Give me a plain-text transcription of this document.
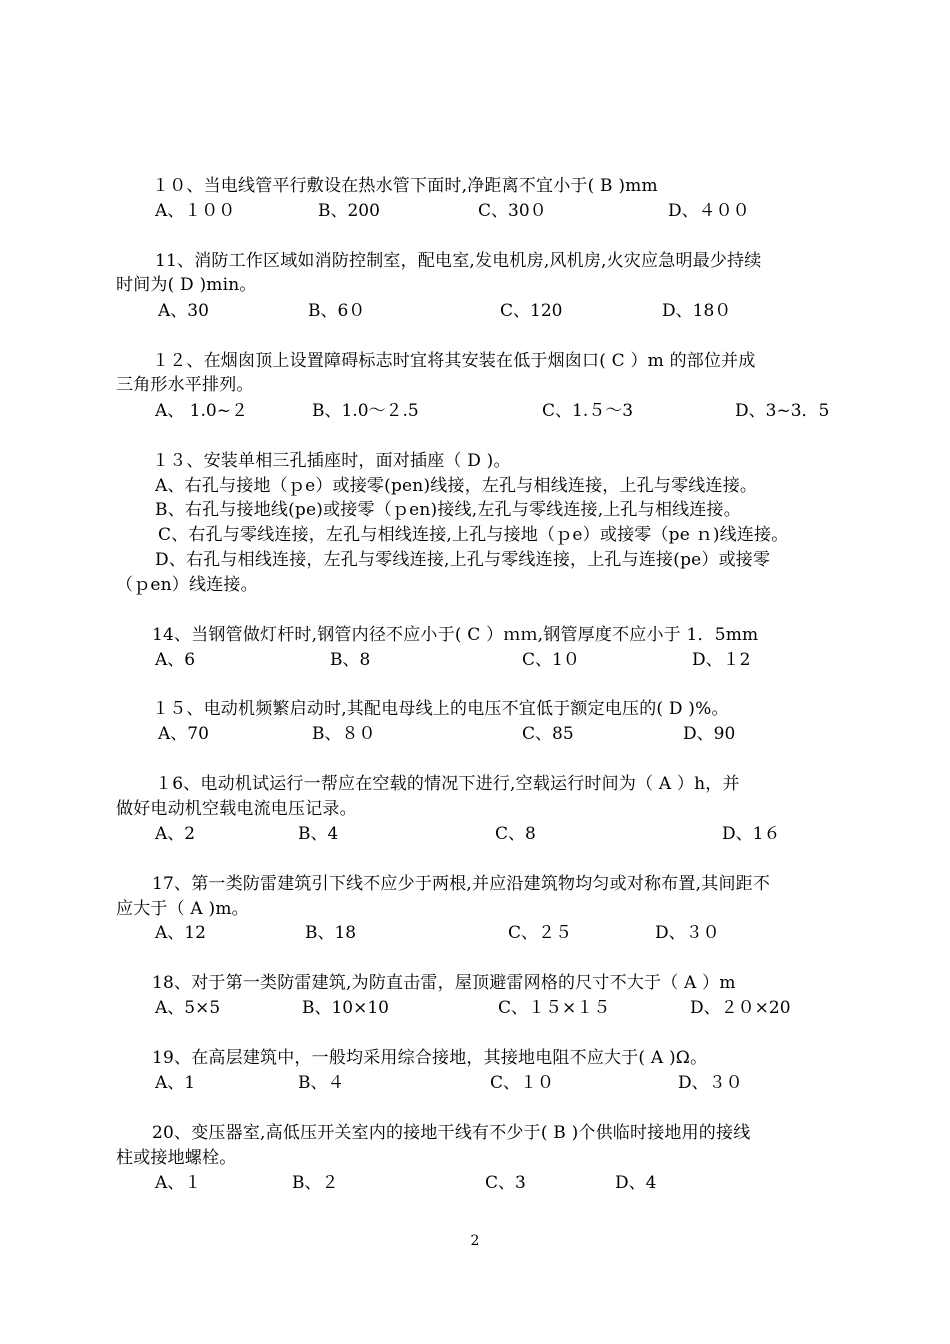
１０、当电线管平行敷设在热水管下面时,净距离不宜小于( B )mm
A、１００	B、200	C、30０	D、４００
11、消防工作区域如消防控制室，配电室,发电机房,风机房,火灾应急明最少持续
时间为( D )min。
A、30	B、6０	C、120	D、18０
１２、在烟囱顶上设置障碍标志时宜将其安装在低于烟囱口( C ）m 的部位并成
三角形水平排列。
A、 1.0~２	B、1.0～２.5	C、1.５～3	D、3~3．5
１３、安装单相三孔插座时，面对插座（ D )。
A、右孔与接地（ｐe）或接零(pen)线接，左孔与相线连接，上孔与零线连接。
B、右孔与接地线(pe)或接零（ｐen)接线,左孔与零线连接,上孔与相线连接。
C、右孔与零线连接，左孔与相线连接,上孔与接地（ｐe）或接零（pe ｎ)线连接。
D、右孔与相线连接，左孔与零线连接,上孔与零线连接，上孔与连接(pe）或接零
（ｐen）线连接。
14、当钢管做灯杆时,钢管内径不应小于( C ）ｍｍ,钢管厚度不应小于 1．5mm
A、6	B、8	C、1０	D、１2
１５、电动机频繁启动时,其配电母线上的电压不宜低于额定电压的( D )%。
A、70	B、８０	C、85	D、90
１6、电动机试运行一帮应在空载的情况下进行,空载运行时间为（ A ）h，并
做好电动机空载电流电压记录。
A、2	B、4	C、8	D、1６
17、第一类防雷建筑引下线不应少于两根,并应沿建筑物均匀或对称布置,其间距不
应大于（ A )m。
A、12	B、18	C、２５	D、３０
18、对于第一类防雷建筑,为防直击雷，屋顶避雷网格的尺寸不大于（ A ）m
A、5×5	B、10×10	C、１５×１５	D、２０×20
19、在高层建筑中，一般均采用综合接地，其接地电阻不应大于( A )Ω。
A、1	B、４	C、１０	D、３０
20、变压器室,高低压开关室内的接地干线有不少于( B )个供临时接地用的接线
柱或接地螺栓。
A、１	B、２	C、3	D、4
2
